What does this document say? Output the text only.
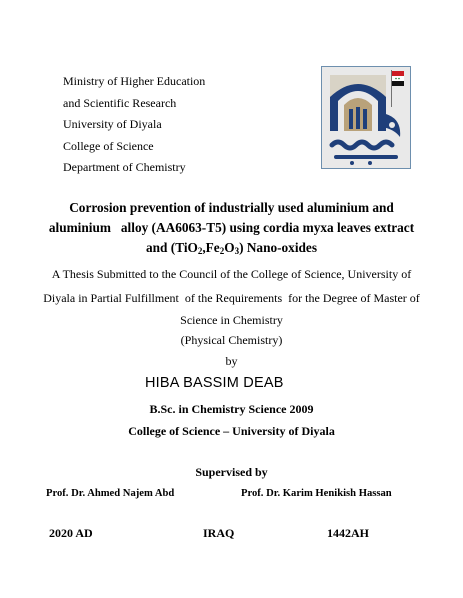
Ministry of Higher Education
and Scientific Research
University of Diyala
College of Science
Department of Chemistry
Corrosion prevention of industrially used aluminium and
aluminium   alloy (AA6063-T5) using cordia myxa leaves extract
and $(TiO_2,Fe_2O_3)$ Nano-oxides
A Thesis Submitted to the Council of the College of Science, University of
Diyala in Partial Fulfillment  of the Requirements  for the Degree of Master of
Science in Chemistry
(Physical Chemistry)
by
HIBA BASSIM DEAB
B.Sc. in Chemistry Science 2009
College of Science – University of Diyala
Supervised by
Prof. Dr. Ahmed Najem Abd	Prof. Dr. Karim Henikish Hassan
2020 AD	IRAQ	1442AH
